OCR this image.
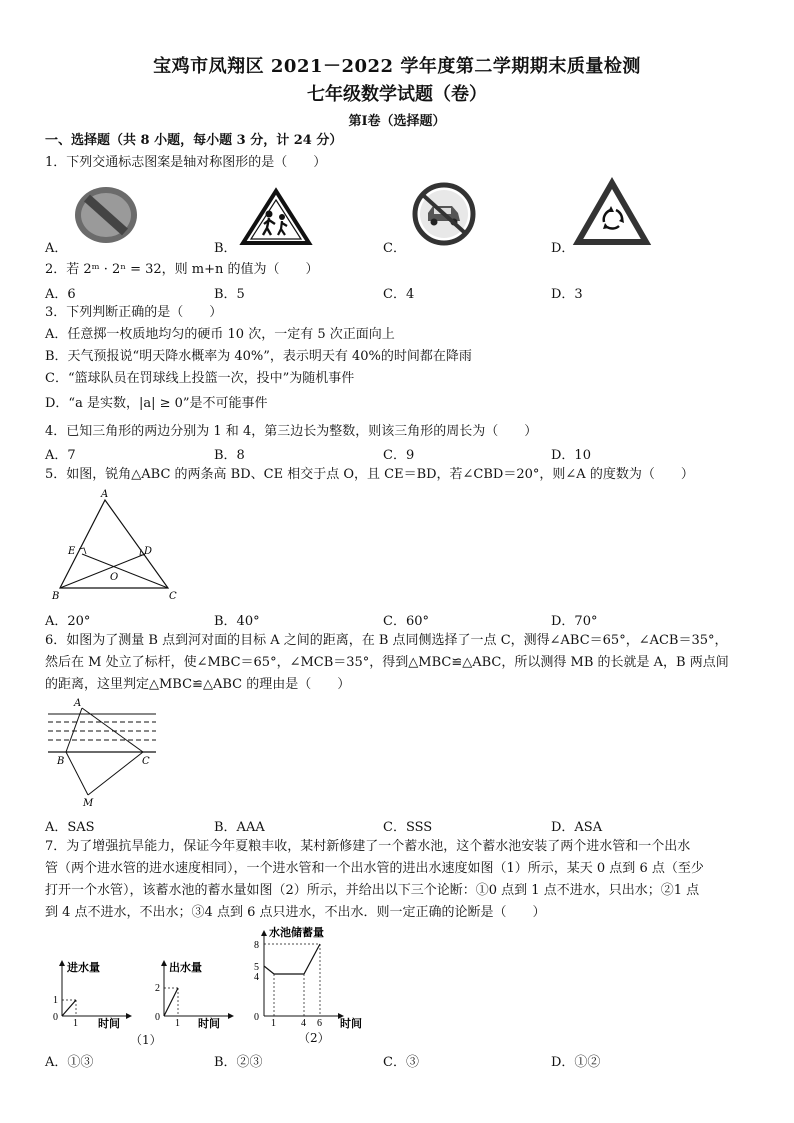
宝鸡市凤翔区 2021－2022 学年度第二学期期末质量检测
七年级数学试题（卷）
第Ⅰ卷（选择题）
一、选择题（共 8 小题，每小题 3 分，计 24 分）
1．下列交通标志图案是轴对称图形的是（　　）
A．	B．	C．	D．
2．若 2ᵐ · 2ⁿ = 32，则 m+n 的值为（　　）
A．6	B．5	C．4	D．3
3．下列判断正确的是（　　）
A．任意掷一枚质地均匀的硬币 10 次，一定有 5 次正面向上
B．天气预报说“明天降水概率为 40%”，表示明天有 40%的时间都在降雨
C．“篮球队员在罚球线上投篮一次，投中”为随机事件
D．“a 是实数，|a| ≥ 0”是不可能事件
4．已知三角形的两边分别为 1 和 4，第三边长为整数，则该三角形的周长为（　　）
A．7	B．8	C．9	D．10
5．如图，锐角△ABC 的两条高 BD、CE 相交于点 O，且 CE＝BD，若∠CBD＝20°，则∠A 的度数为（　　）
A
E	D
O
B	C
A．20°	B．40°	C．60°	D．70°
6．如图为了测量 B 点到河对面的目标 A 之间的距离，在 B 点同侧选择了一点 C，测得∠ABC＝65°，∠ACB＝35°，
然后在 M 处立了标杆，使∠MBC＝65°，∠MCB＝35°，得到△MBC≌△ABC，所以测得 MB 的长就是 A，B 两点间
的距离，这里判定△MBC≌△ABC 的理由是（　　）
A
B	C
M
A．SAS	B．AAA	C．SSS	D．ASA
7．为了增强抗旱能力，保证今年夏粮丰收，某村新修建了一个蓄水池，这个蓄水池安装了两个进水管和一个出水
管（两个进水管的进水速度相同），一个进水管和一个出水管的进出水速度如图（1）所示，某天 0 点到 6 点（至少
打开一个水管），该蓄水池的蓄水量如图（2）所示，并给出以下三个论断：①0 点到 1 点不进水，只出水；②1 点
到 4 点不进水，不出水；③4 点到 6 点只进水，不出水．则一定正确的论断是（　　）
进水量
1
0
1 时间
出水量
2
0
1 时间
水池储蓄量
8
5
4
0
1	4 6 时间
（1）	（2）
A．①③	B．②③	C．③	D．①②
